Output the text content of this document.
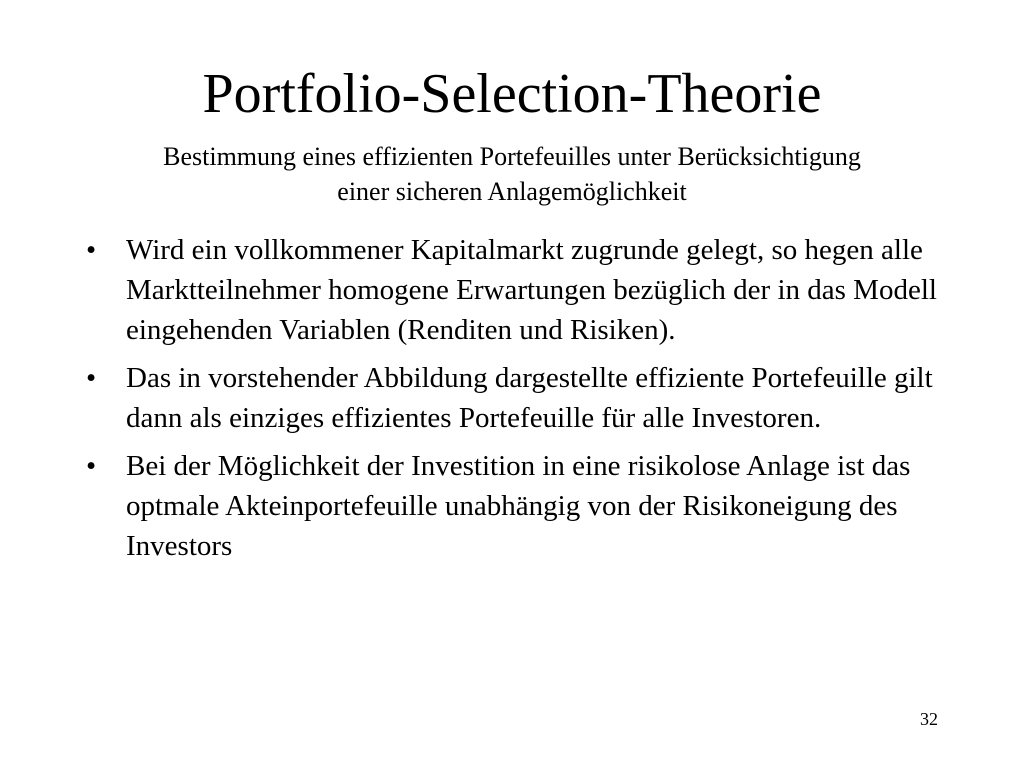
Portfolio-Selection-Theorie
Bestimmung eines effizienten Portefeuilles unter Berücksichtigung
einer sicheren Anlagemöglichkeit
•	Wird ein vollkommener Kapitalmarkt zugrunde gelegt, so hegen alle Marktteilnehmer homogene Erwartungen bezüglich der in das Modell eingehenden Variablen (Renditen und Risiken).
•	Das in vorstehender Abbildung dargestellte effiziente Portefeuille gilt dann als einziges effizientes Portefeuille für alle Investoren.
•	Bei der Möglichkeit der Investition in eine risikolose Anlage ist das optmale Akteinportefeuille unabhängig von der Risikoneigung des Investors
32
